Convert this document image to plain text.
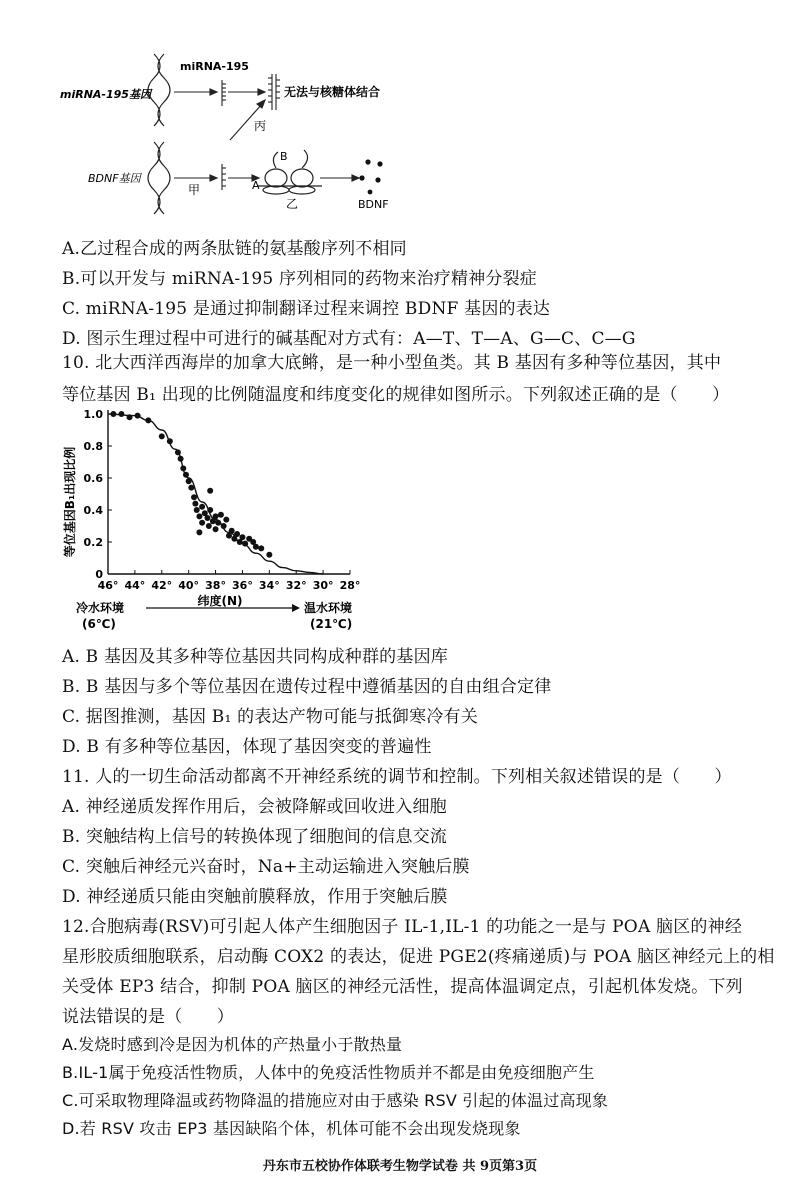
miRNA-195基因
BDNF基因
miRNA-195
无法与核糖体结合
丙
甲	A
B
乙	BDNF
A.乙过程合成的两条肽链的氨基酸序列不相同
B.可以开发与 miRNA-195 序列相同的药物来治疗精神分裂症
C. miRNA-195 是通过抑制翻译过程来调控 BDNF 基因的表达
D. 图示生理过程中可进行的碱基配对方式有：A—T、T—A、G—C、C—G
10. 北大西洋西海岸的加拿大底鳉，是一种小型鱼类。其 B 基因有多种等位基因，其中
等位基因 B₁ 出现的比例随温度和纬度变化的规律如图所示。下列叙述正确的是（　　）
0
0.2
0.4
0.6
0.8
1.0
46° 44° 42° 40° 38° 36° 34° 32° 30° 28°
等位基因B₁出现比例
纬度(N)
冷水环境
(6℃)
温水环境
(21℃)
A. B 基因及其多种等位基因共同构成种群的基因库
B. B 基因与多个等位基因在遗传过程中遵循基因的自由组合定律
C. 据图推测，基因 B₁ 的表达产物可能与抵御寒冷有关
D. B 有多种等位基因，体现了基因突变的普遍性
11. 人的一切生命活动都离不开神经系统的调节和控制。下列相关叙述错误的是（　　）
A. 神经递质发挥作用后，会被降解或回收进入细胞
B. 突触结构上信号的转换体现了细胞间的信息交流
C. 突触后神经元兴奋时，Na+主动运输进入突触后膜
D. 神经递质只能由突触前膜释放，作用于突触后膜
12.合胞病毒(RSV)可引起人体产生细胞因子 IL-1,IL-1 的功能之一是与 POA 脑区的神经
星形胶质细胞联系，启动酶 COX2 的表达，促进 PGE2(疼痛递质)与 POA 脑区神经元上的相
关受体 EP3 结合，抑制 POA 脑区的神经元活性，提高体温调定点，引起机体发烧。下列
说法错误的是（　　）
A.发烧时感到冷是因为机体的产热量小于散热量
B.IL-1属于免疫活性物质，人体中的免疫活性物质并不都是由免疫细胞产生
C.可采取物理降温或药物降温的措施应对由于感染 RSV 引起的体温过高现象
D.若 RSV 攻击 EP3 基因缺陷个体，机体可能不会出现发烧现象
丹东市五校协作体联考生物学试卷 共 9页第3页
